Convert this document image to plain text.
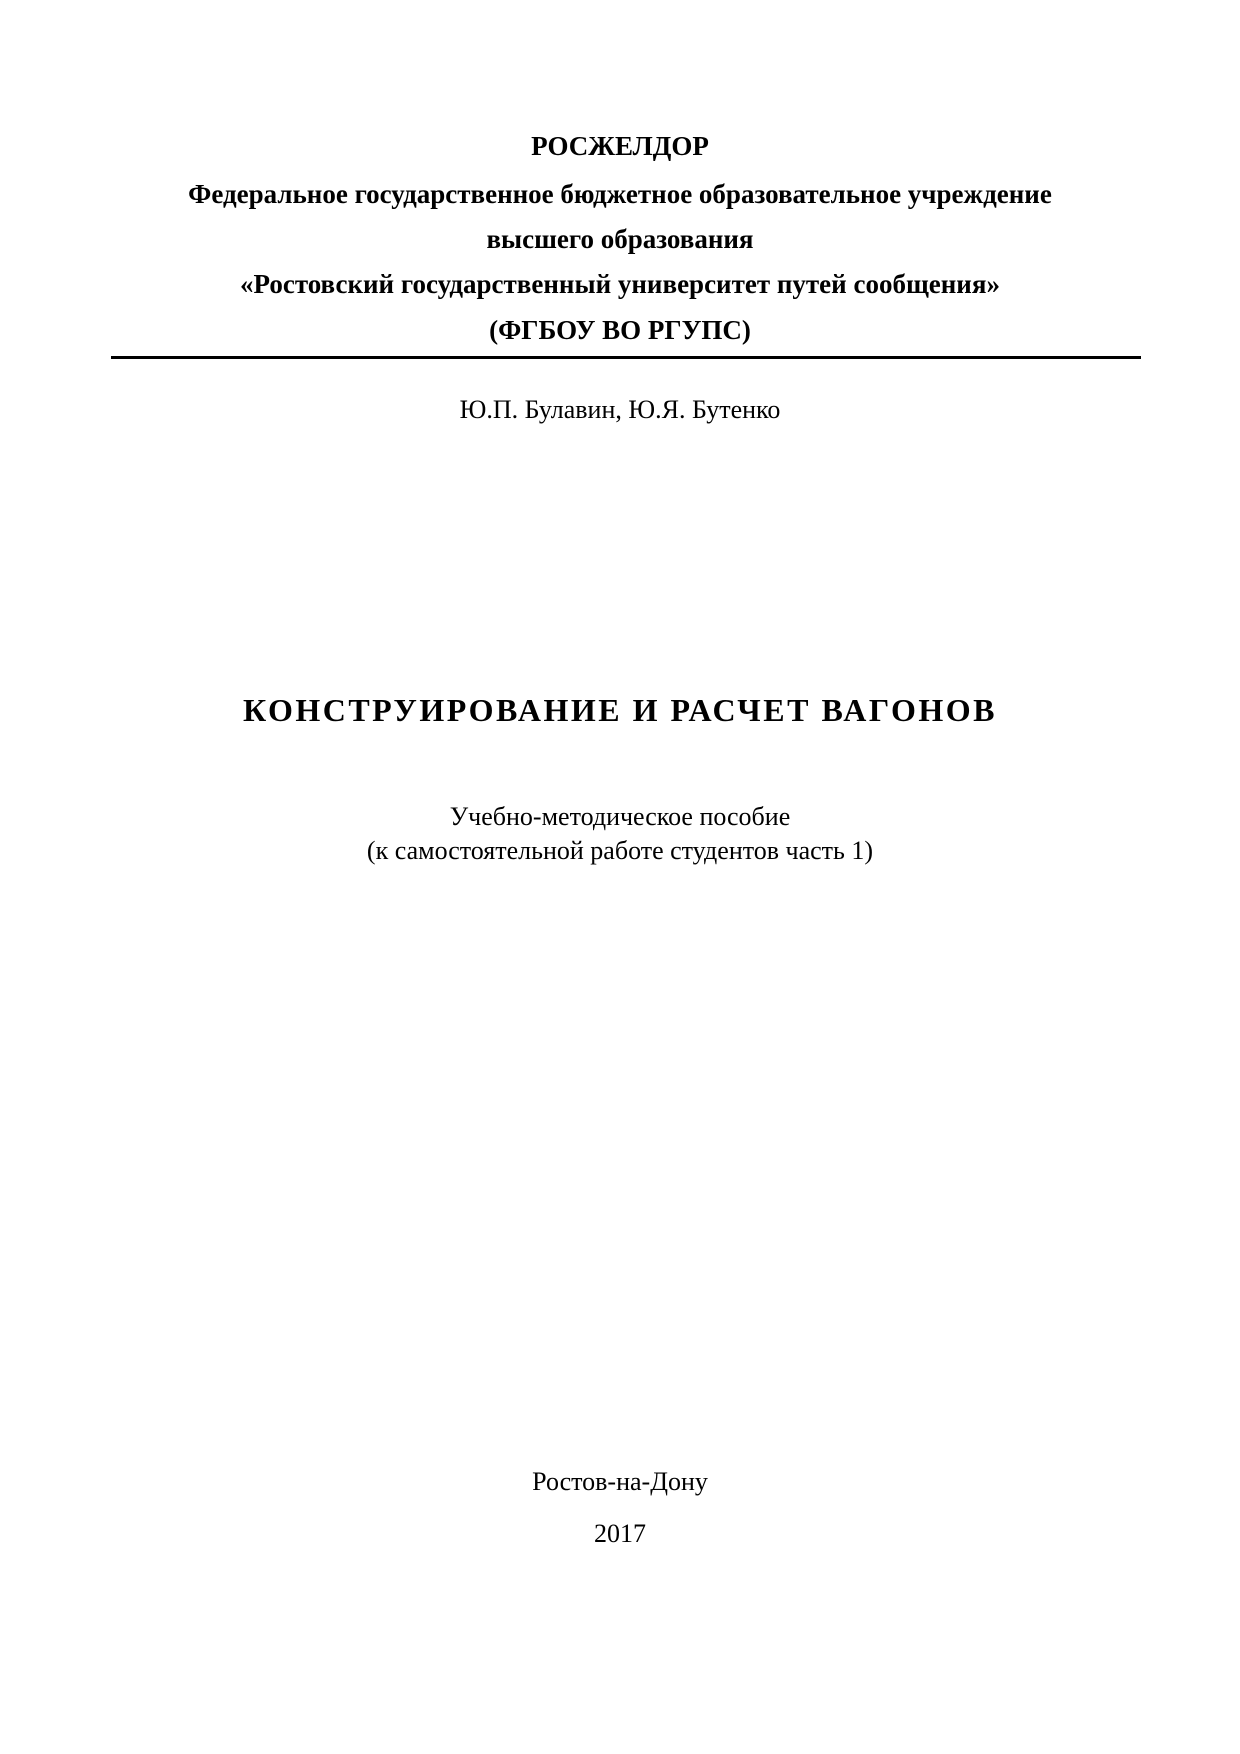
РОСЖЕЛДОР
Федеральное государственное бюджетное образовательное учреждение
высшего образования
«Ростовский государственный университет путей сообщения»
(ФГБОУ ВО РГУПС)
Ю.П. Булавин, Ю.Я. Бутенко
КОНСТРУИРОВАНИЕ И РАСЧЕТ ВАГОНОВ
Учебно-методическое пособие
(к самостоятельной работе студентов часть 1)
Ростов-на-Дону
2017
